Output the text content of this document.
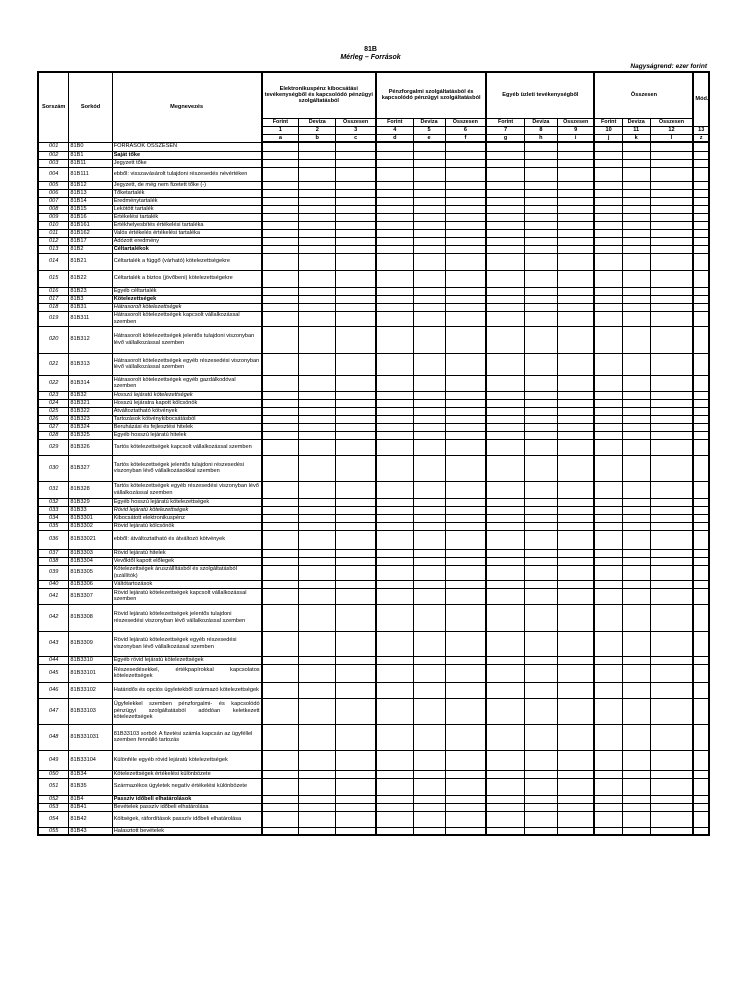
81B
Mérleg – Források
Nagyságrend: ezer forint
Sorszám	Sorkód	Megnevezés	Elektronikuspénz kibocsátási tevékenységből és kapcsolódó pénzügyi szolgáltatásból			Pénzforgalmi szolgáltatásból és kapcsolódó pénzügyi szolgáltatásból			Egyéb üzleti tevékenységből			Összesen			Mód.
			Forint	Deviza	Összesen	Forint	Deviza	Összesen	Forint	Deviza	Összesen	Forint	Deviza	Összesen	
			1	2	3	4	5	6	7	8	9	10	11	12	13
			a	b	c	d	e	f	g	h	i	j	k	l	z
001	81B0	FORRÁSOK ÖSSZESEN													
002	81B1	Saját tőke													
003	81B11	Jegyzett tőke													
004	81B111	ebből: visszavásárolt tulajdoni részesedés névértéken													
005	81B12	Jegyzett, de még nem fizetett tőke (-)													
006	81B13	Tőketartalék													
007	81B14	Eredménytartalék													
008	81B15	Lekötött tartalék													
009	81B16	Értékelési tartalék													
010	81B161	Értékhelyesbítés értékelési tartaléka													
011	81B162	Valós értékelés értékelési tartaléka													
012	81B17	Adózott eredmény													
013	81B2	Céltartalékok													
014	81B21	Céltartalék a függő (várható) kötelezettségekre													
015	81B22	Céltartalék a biztos (jövőbeni) kötelezettségekre													
016	81B23	Egyéb céltartalék													
017	81B3	Kötelezettségek													
018	81B31	Hátrasorolt kötelezettségek													
019	81B311	Hátrasorolt kötelezettségek kapcsolt vállalkozással szemben													
020	81B312	Hátrasorolt kötelezettségek jelentős tulajdoni viszonyban lévő vállalkozással szemben													
021	81B313	Hátrasorolt kötelezettségek egyéb részesedési viszonyban lévő vállalkozással szemben													
022	81B314	Hátrasorolt kötelezettségek egyéb gazdálkodóval szemben													
023	81B32	Hosszú lejáratú kötelezettségek													
024	81B321	Hosszú lejáratra kapott kölcsönök													
025	81B322	Átváltoztatható kötvények													
026	81B323	Tartozások kötvénykibocsátásból													
027	81B324	Beruházási és fejlesztési hitelek													
028	81B325	Egyéb hosszú lejáratú hitelek													
029	81B326	Tartós kötelezettségek kapcsolt vállalkozással szemben													
030	81B327	Tartós kötelezettségek jelentős tulajdoni részesedési viszonyban lévő vállalkozásokkal szemben													
031	81B328	Tartós kötelezettségek egyéb részesedési viszonyban lévő vállalkozással szemben													
032	81B329	Egyéb hosszú lejáratú kötelezettségek													
033	81B33	Rövid lejáratú kötelezettségek													
034	81B3301	Kibocsátott elektronikuspénz													
035	81B3302	Rövid lejáratú kölcsönök													
036	81B33021	ebből: átváltoztatható és átváltozó kötvények													
037	81B3303	Rövid lejáratú hitelek													
038	81B3304	Vevőktől kapott előlegek													
039	81B3305	Kötelezettségek áruszállításból és szolgáltatásból (szállítók)													
040	81B3306	Váltótartozások													
041	81B3307	Rövid lejáratú kötelezettségek kapcsolt vállalkozással szemben													
042	81B3308	Rövid lejáratú kötelezettségek jelentős tulajdoni részesedési viszonyban lévő vállalkozással szemben													
043	81B3309	Rövid lejáratú kötelezettségek egyéb részesedési viszonyban lévő vállalkozással szemben													
044	81B3310	Egyéb rövid lejáratú kötelezettségek													
045	81B33101	Részesedésekkel, értékpapírokkal kapcsolatos kötelezettségek													
046	81B33102	Határidős és opciós ügyletekből származó kötelezettségek													
047	81B33103	Ügyfelekkel szemben pénzforgalmi- és kapcsolódó pénzügyi szolgáltatásból adódóan keletkezett kötelezettségek													
048	81B331031	81B33103 sorból: A fizetési számla kapcsán az ügyféllel szemben fennálló tartozás													
049	81B33104	Különféle egyéb rövid lejáratú kötelezettségek													
050	81B34	Kötelezettségek értékelési különbözete													
051	81B35	Származékos ügyletek negatív értékelési különbözete													
052	81B4	Passzív időbeli elhatárolások													
053	81B41	Bevételek passzív időbeli elhatárolása													
054	81B42	Költségek, ráfordítások passzív időbeli elhatárolása													
055	81B43	Halasztott bevételek													
